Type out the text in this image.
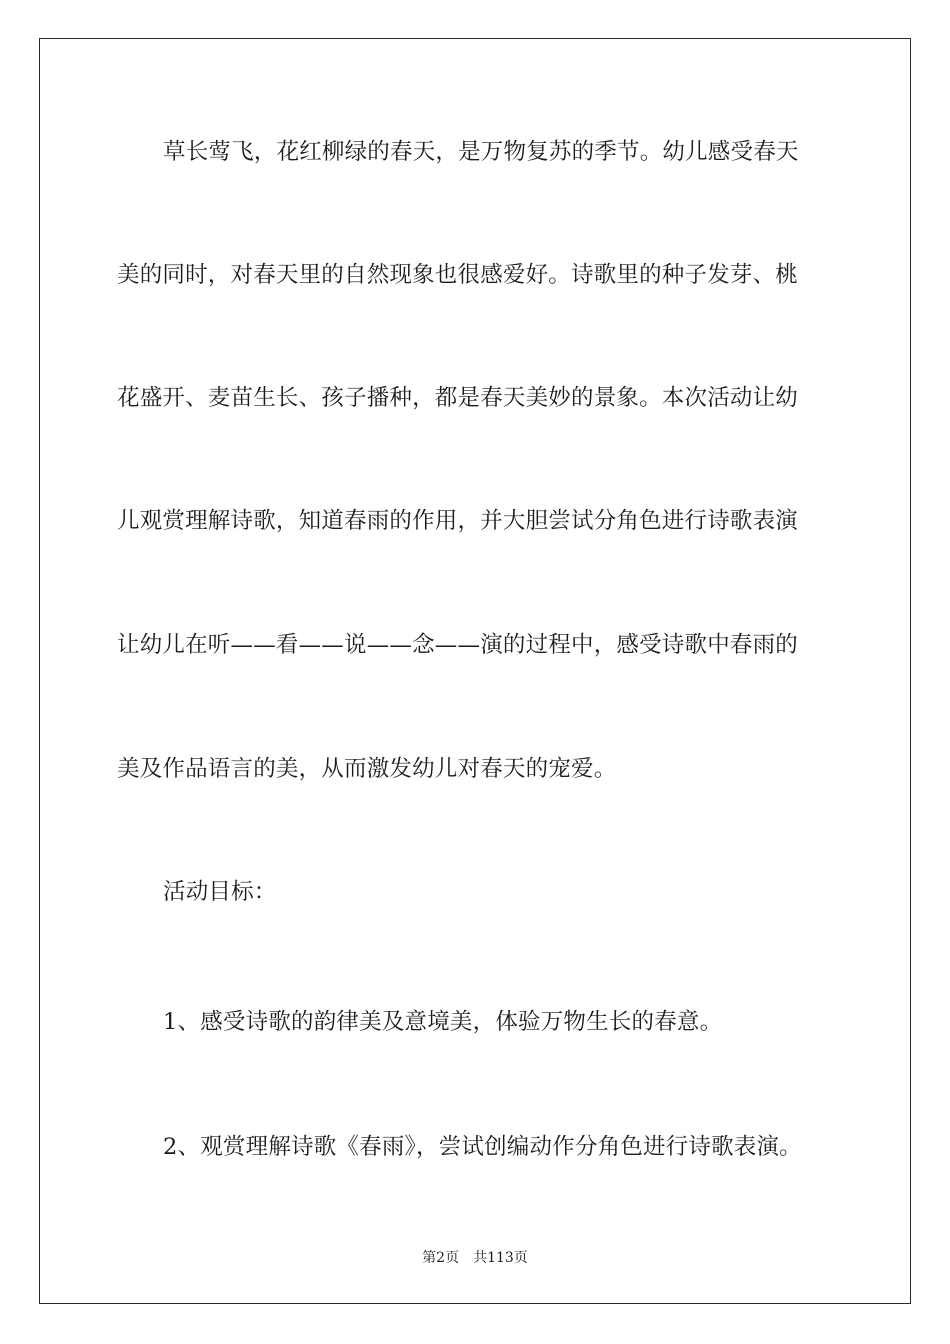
草长莺飞，花红柳绿的春天，是万物复苏的季节。幼儿感受春天
美的同时，对春天里的自然现象也很感爱好。诗歌里的种子发芽、桃
花盛开、麦苗生长、孩子播种，都是春天美妙的景象。本次活动让幼
儿观赏理解诗歌，知道春雨的作用，并大胆尝试分角色进行诗歌表演
让幼儿在听——看——说——念——演的过程中，感受诗歌中春雨的
美及作品语言的美，从而激发幼儿对春天的宠爱。
活动目标：
1、感受诗歌的韵律美及意境美，体验万物生长的春意。
2、观赏理解诗歌《春雨》，尝试创编动作分角色进行诗歌表演。
第2页 共113页
